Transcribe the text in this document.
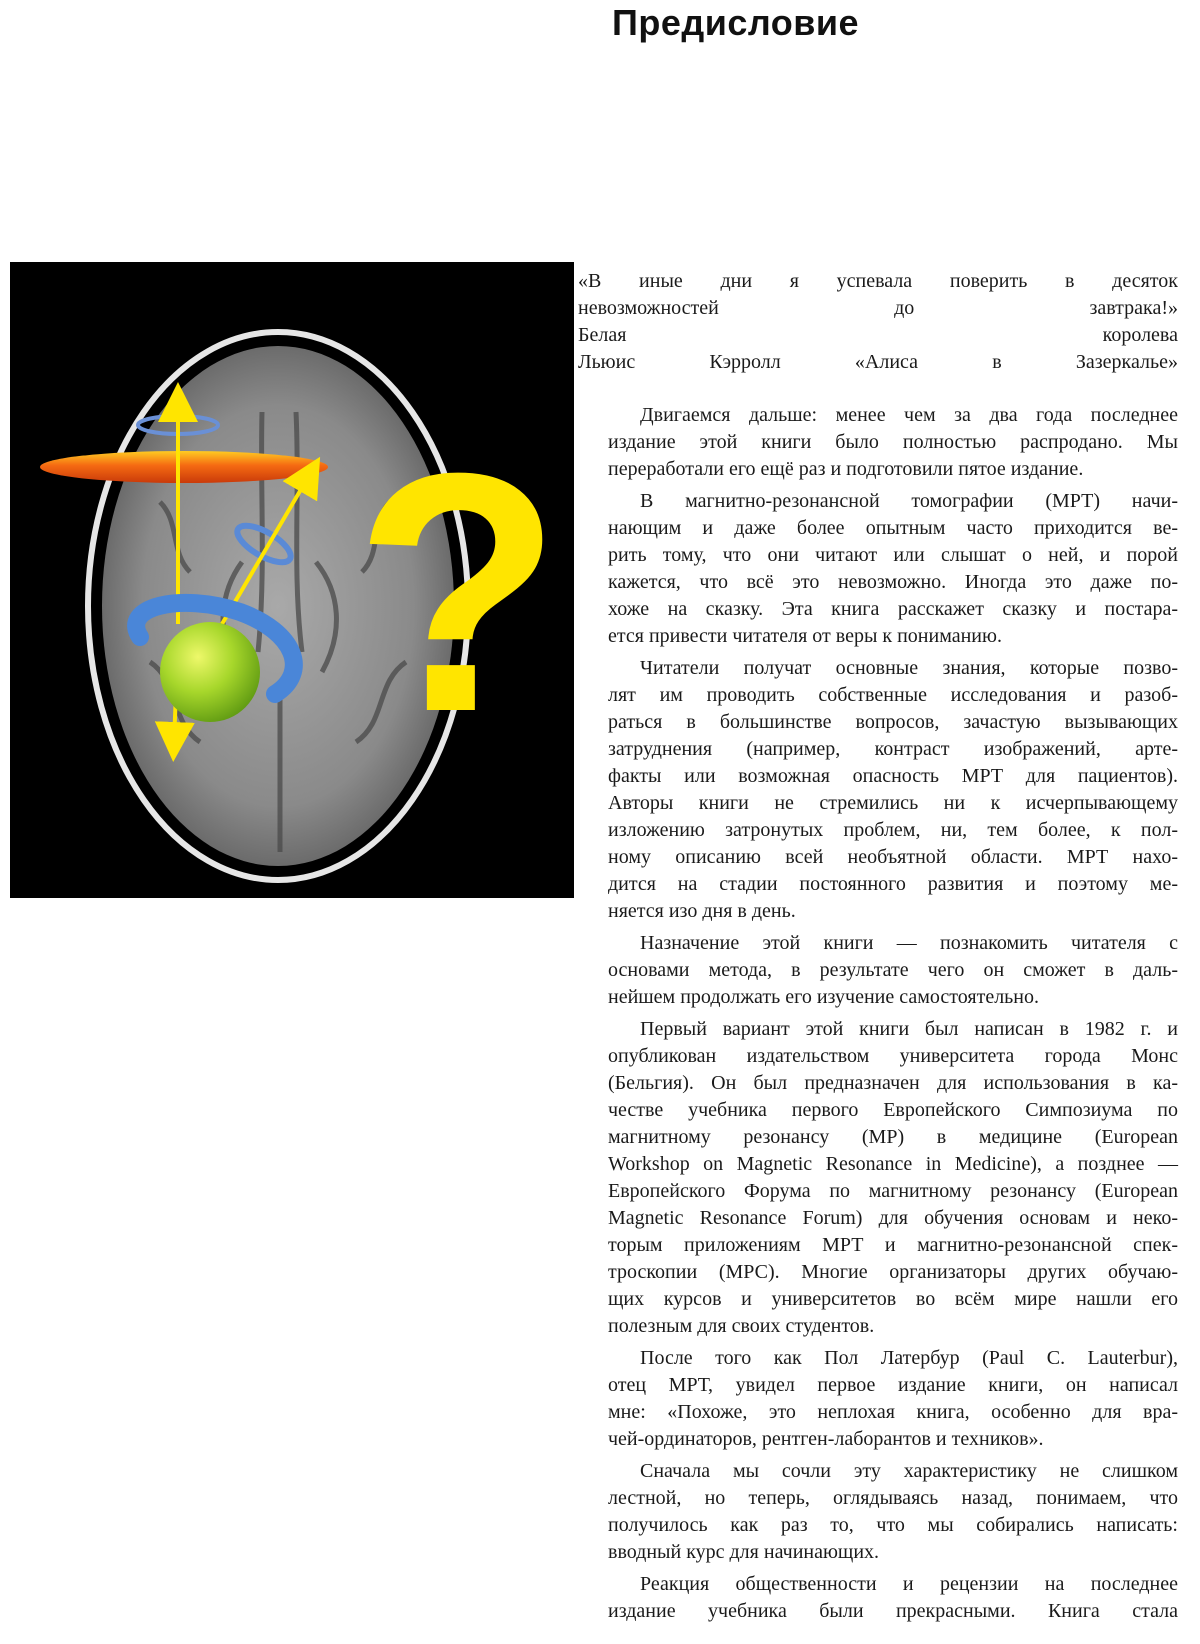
Предисловие
?
«В иные дни я успевала поверить в десяток
невозможностей до завтрака!»
Белая королева
Льюис Кэрролл «Алиса в Зазеркалье»
Двигаемся дальше: менее чем за два года последнее
издание этой книги было полностью распродано. Мы
переработали его ещё раз и подготовили пятое издание.
В магнитно-резонансной томографии (МРТ) начи-
нающим и даже более опытным часто приходится ве-
рить тому, что они читают или слышат о ней, и порой
кажется, что всё это невозможно. Иногда это даже по-
хоже на сказку. Эта книга расскажет сказку и постара-
ется привести читателя от веры к пониманию.
Читатели получат основные знания, которые позво-
лят им проводить собственные исследования и разоб-
раться в большинстве вопросов, зачастую вызывающих
затруднения (например, контраст изображений, арте-
факты или возможная опасность МРТ для пациентов).
Авторы книги не стремились ни к исчерпывающему
изложению затронутых проблем, ни, тем более, к пол-
ному описанию всей необъятной области. МРТ нахо-
дится на стадии постоянного развития и поэтому ме-
няется изо дня в день.
Назначение этой книги — познакомить читателя с
основами метода, в результате чего он сможет в даль-
нейшем продолжать его изучение самостоятельно.
Первый вариант этой книги был написан в 1982 г. и
опубликован издательством университета города Монс
(Бельгия). Он был предназначен для использования в ка-
честве учебника первого Европейского Симпозиума по
магнитному резонансу (МР) в медицине (European
Workshop on Magnetic Resonance in Medicine), а позднее —
Европейского Форума по магнитному резонансу (European
Magnetic Resonance Forum) для обучения основам и неко-
торым приложениям МРТ и магнитно-резонансной спек-
троскопии (МРС). Многие организаторы других обучаю-
щих курсов и университетов во всём мире нашли его
полезным для своих студентов.
После того как Пол Латербур (Paul C. Lauterbur),
отец МРТ, увидел первое издание книги, он написал
мне: «Похоже, это неплохая книга, особенно для вра-
чей-ординаторов, рентген-лаборантов и техников».
Сначала мы сочли эту характеристику не слишком
лестной, но теперь, оглядываясь назад, понимаем, что
получилось как раз то, что мы собирались написать:
вводный курс для начинающих.
Реакция общественности и рецензии на последнее
издание учебника были прекрасными. Книга стала
